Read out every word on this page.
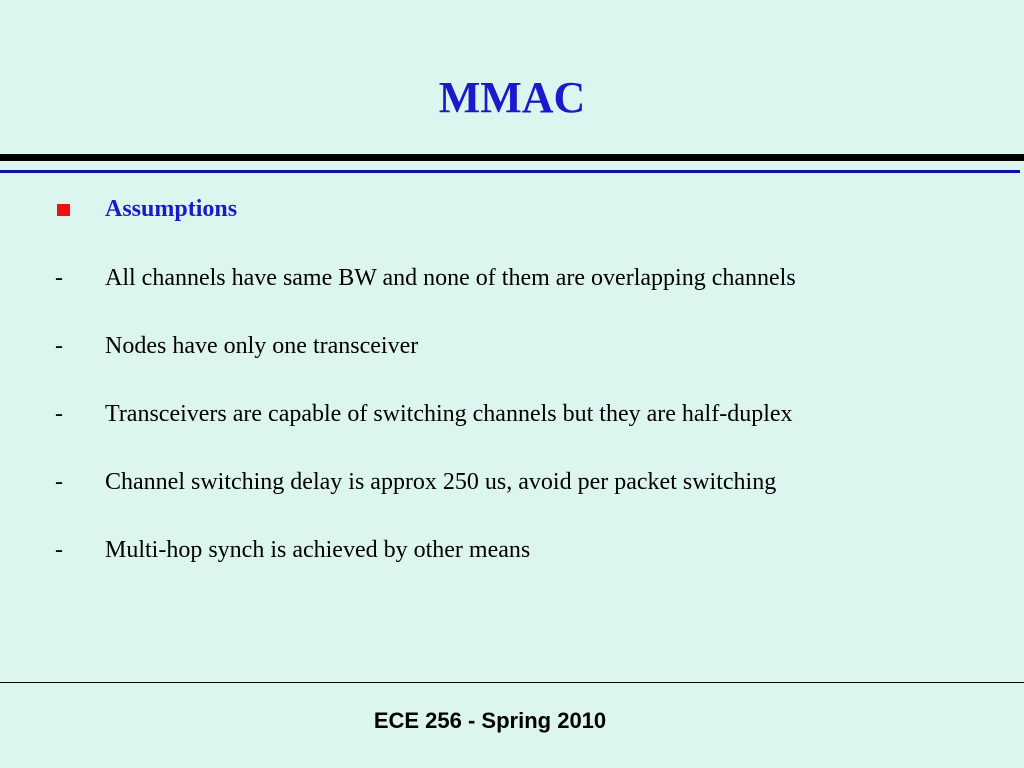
MMAC
Assumptions
- All channels have same BW and none of them are overlapping channels
- Nodes have only one transceiver
- Transceivers are capable of switching channels but they are half-duplex
- Channel switching delay is approx 250 us, avoid per packet switching
- Multi-hop synch is achieved by other means
ECE 256 - Spring 2010
